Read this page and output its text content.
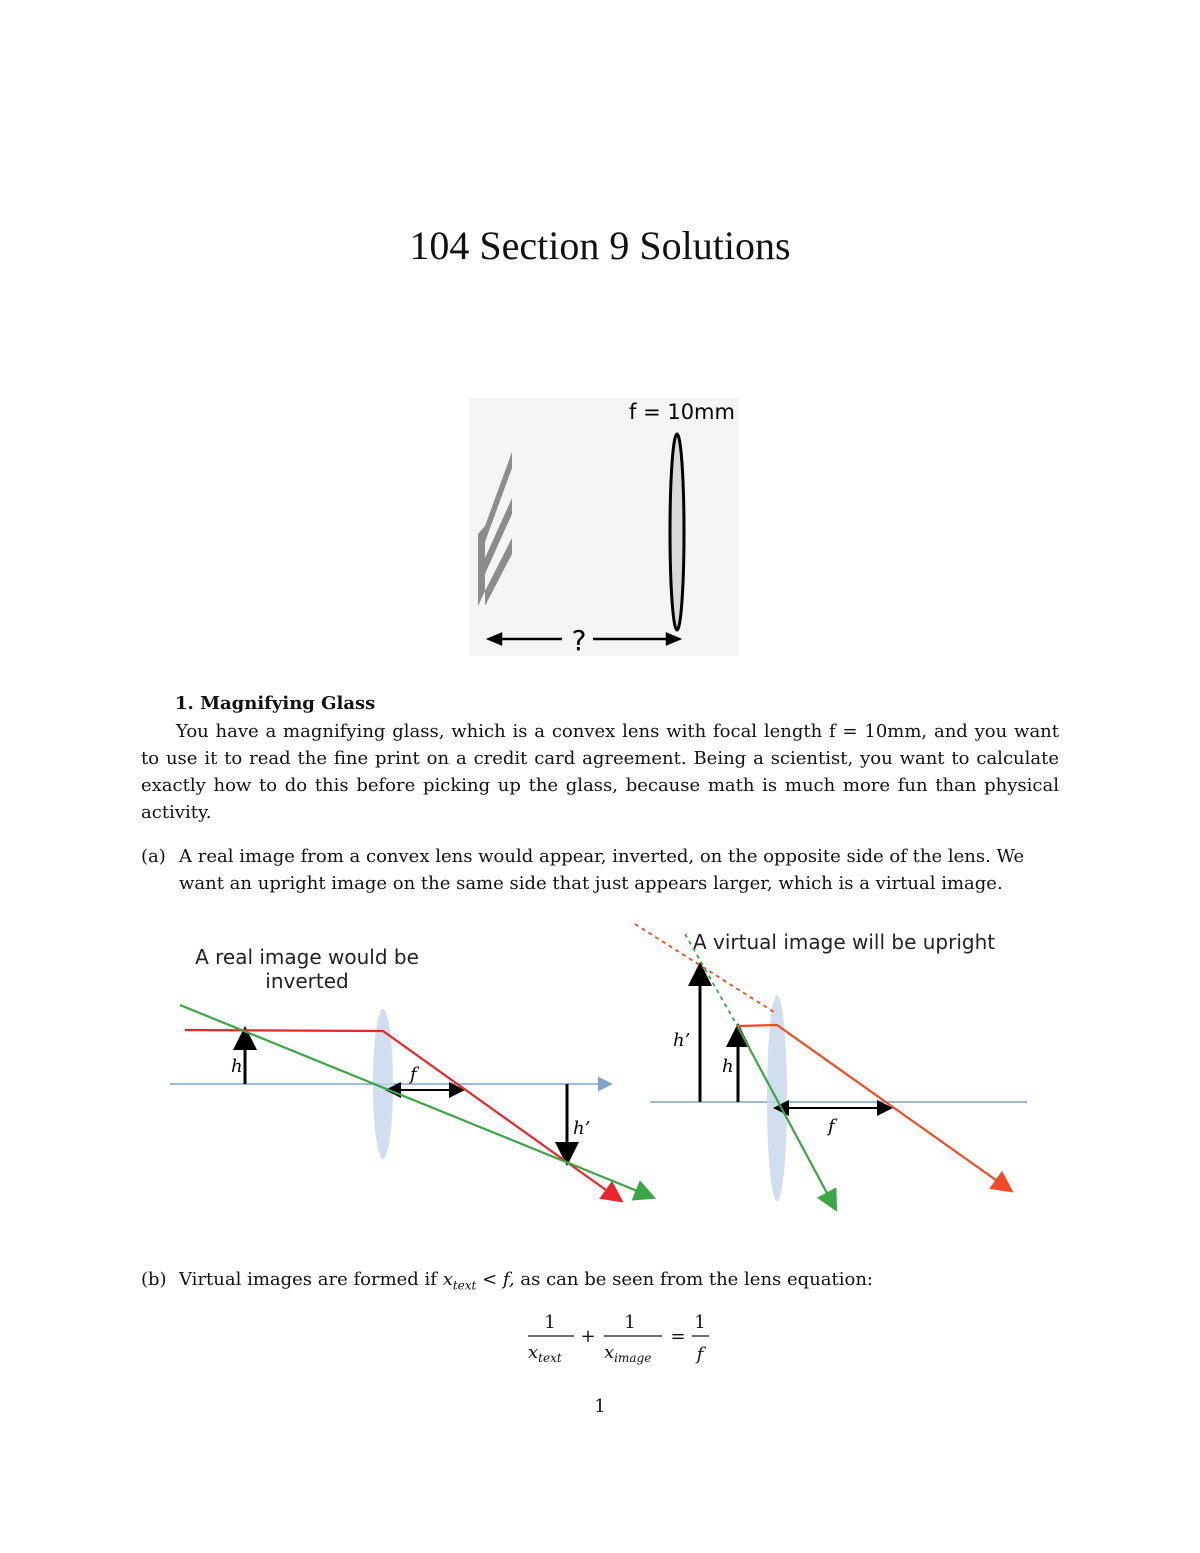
104 Section 9 Solutions
?
f = 10mm
1. Magnifying Glass

You have a magnifying glass, which is a convex lens with focal length f = 10mm, and you want to use it to read the fine print on a credit card agreement. Being a scientist, you want to calculate exactly how to do this before picking up the glass, because math is much more fun than physical activity.

(a) A real image from a convex lens would appear, inverted, on the opposite side of the lens. We want an upright image on the same side that just appears larger, which is a virtual image.
A real image would be
inverted
h	f
h’
A virtual image will be upright
h’
h
f
(b) Virtual images are formed if $x_{text} < f$, as can be seen from the lens equation:
1
$x_{text}$
+
1
$x_{image}$
=
1
f
1
